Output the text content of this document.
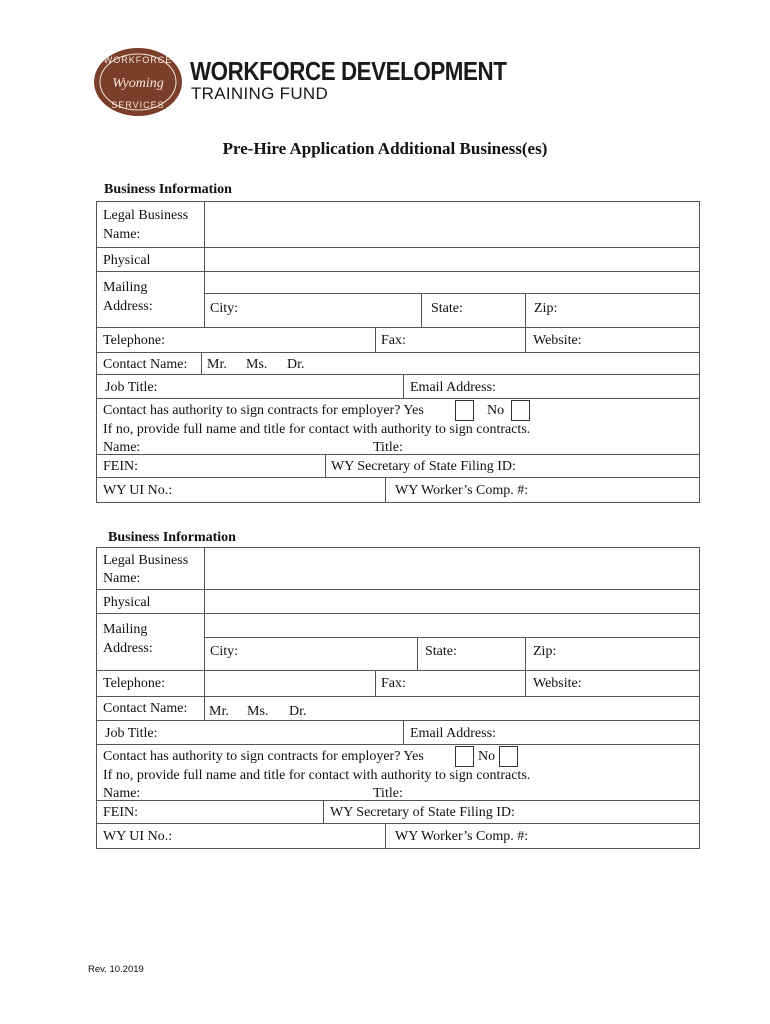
WORKFORCE
Wyoming
SERVICES
WORKFORCE DEVELOPMENT
TRAINING FUND
Pre-Hire Application Additional Business(es)
Business Information
Legal Business
Name:
Physical
Mailing
Address:	City:	State:	Zip:
Telephone:	Fax:	Website:
Contact Name: Mr. Ms. Dr.
Job Title:	Email Address:
Contact has authority to sign contracts for employer? Yes	No
If no, provide full name and title for contact with authority to sign contracts.
Name:	Title:
FEIN:	WY Secretary of State Filing ID:
WY UI No.:	WY Worker’s Comp. #:
Business Information
Legal Business
Name:
Physical
Mailing
Address:	City:	State:	Zip:
Telephone:	Fax:	Website:
Contact Name: Mr. Ms. Dr.
Job Title:	Email Address:
Contact has authority to sign contracts for employer? Yes	No
If no, provide full name and title for contact with authority to sign contracts.
Name:	Title:
FEIN:	WY Secretary of State Filing ID:
WY UI No.:	WY Worker’s Comp. #:
Rev. 10.2019
